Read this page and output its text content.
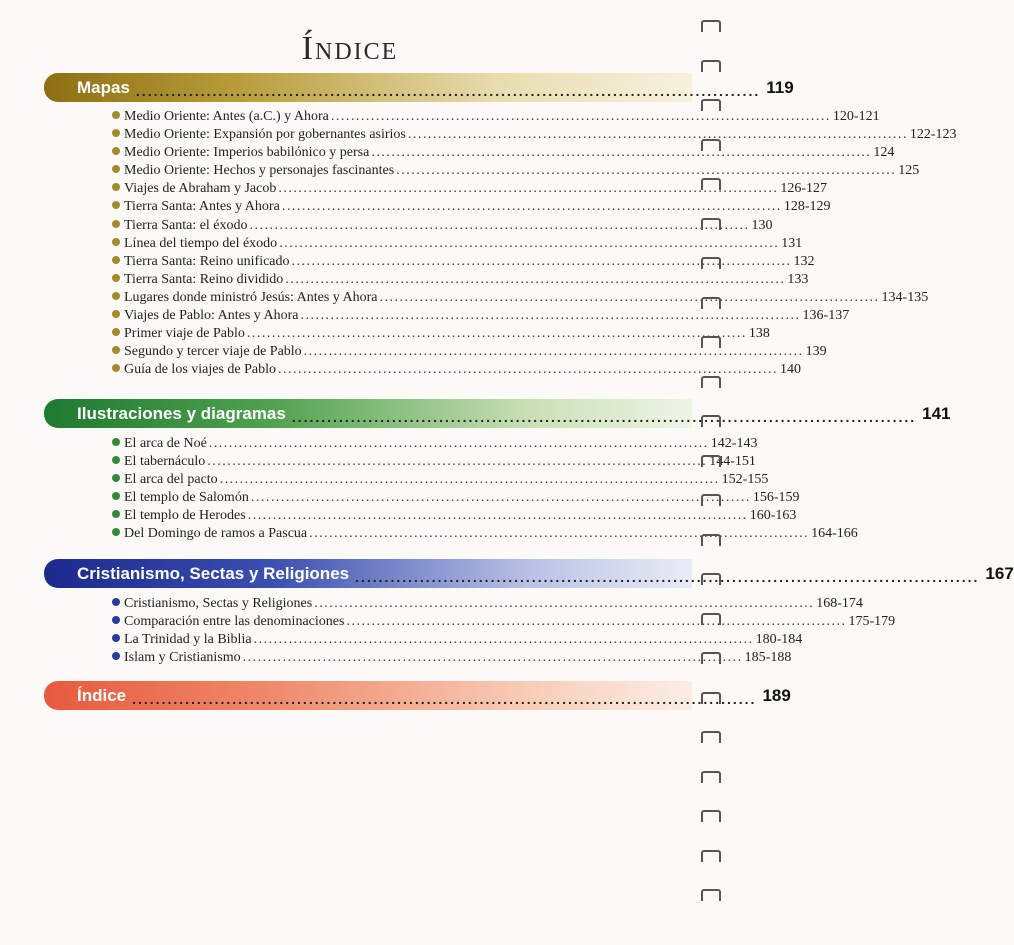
Índice
Mapas .......................................................................................................... 119
Medio Oriente: Antes (a.C.) y Ahora .................................................................................................... 120-121
Medio Oriente: Expansión por gobernantes asirios .................................................................................................... 122-123
Medio Oriente: Imperios babilónico y persa .................................................................................................... 124
Medio Oriente: Hechos y personajes fascinantes .................................................................................................... 125
Viajes de Abraham y Jacob .................................................................................................... 126-127
Tierra Santa: Antes y Ahora .................................................................................................... 128-129
Tierra Santa: el éxodo .................................................................................................... 130
Línea del tiempo del éxodo .................................................................................................... 131
Tierra Santa: Reino unificado .................................................................................................... 132
Tierra Santa: Reino dividido .................................................................................................... 133
Lugares donde ministró Jesús: Antes y Ahora .................................................................................................... 134-135
Viajes de Pablo: Antes y Ahora .................................................................................................... 136-137
Primer viaje de Pablo .................................................................................................... 138
Segundo y tercer viaje de Pablo .................................................................................................... 139
Guía de los viajes de Pablo .................................................................................................... 140
Ilustraciones y diagramas .......................................................................................................... 141
El arca de Noé .................................................................................................... 142-143
El tabernáculo .................................................................................................... 144-151
El arca del pacto .................................................................................................... 152-155
El templo de Salomón .................................................................................................... 156-159
El templo de Herodes .................................................................................................... 160-163
Del Domingo de ramos a Pascua .................................................................................................... 164-166
Cristianismo, Sectas y Religiones .......................................................................................................... 167
Cristianismo, Sectas y Religiones .................................................................................................... 168-174
Comparación entre las denominaciones .................................................................................................... 175-179
La Trinidad y la Biblia .................................................................................................... 180-184
Islam y Cristianismo .................................................................................................... 185-188
Índice .......................................................................................................... 189
